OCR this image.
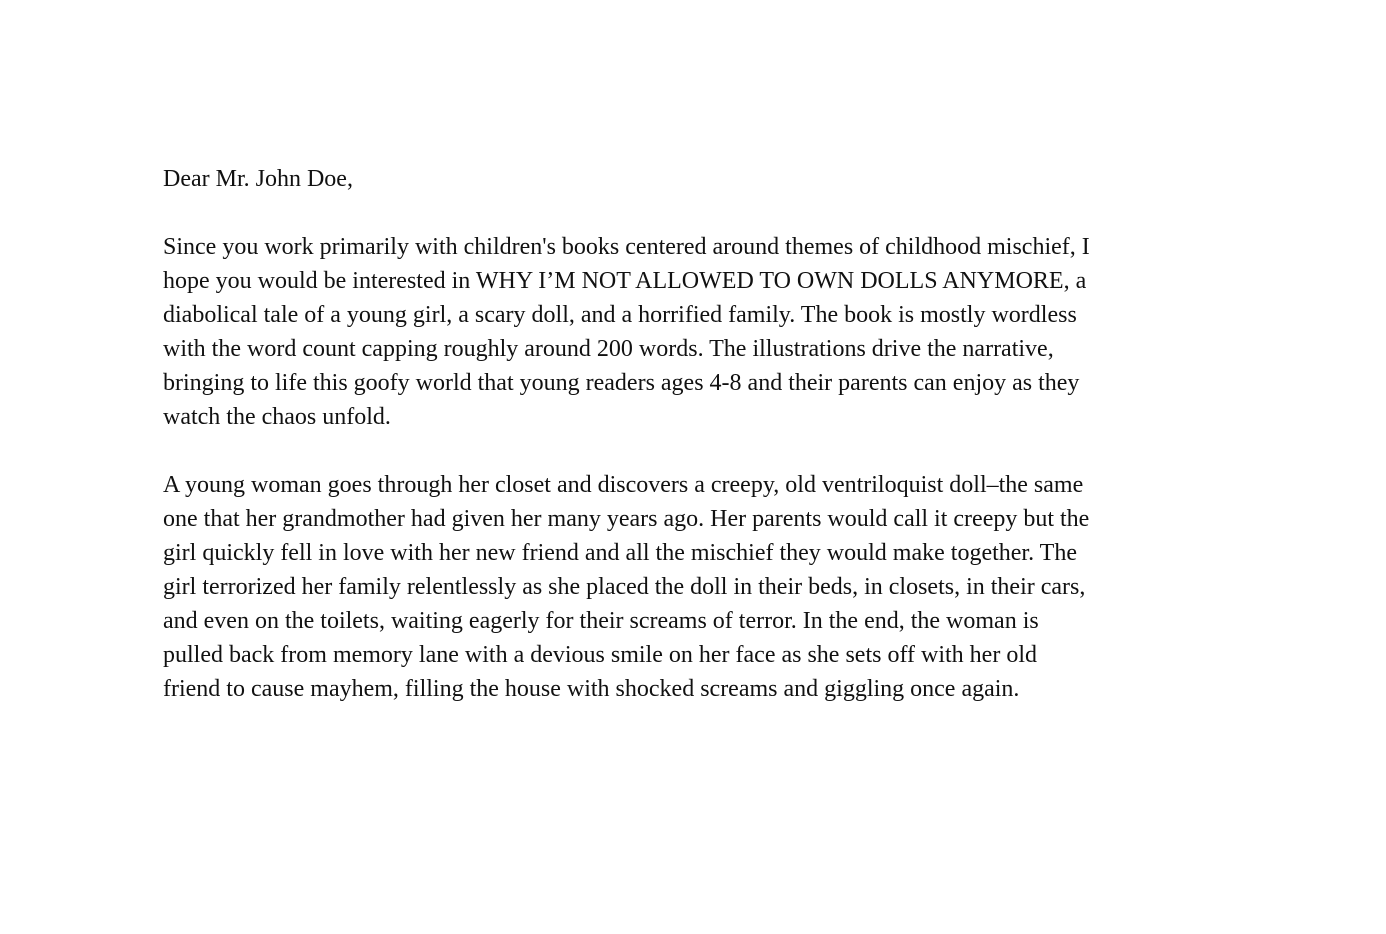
Dear Mr. John Doe,
Since you work primarily with children's books centered around themes of childhood mischief, I
hope you would be interested in WHY I’M NOT ALLOWED TO OWN DOLLS ANYMORE, a
diabolical tale of a young girl, a scary doll, and a horrified family. The book is mostly wordless
with the word count capping roughly around 200 words. The illustrations drive the narrative,
bringing to life this goofy world that young readers ages 4-8 and their parents can enjoy as they
watch the chaos unfold.
A young woman goes through her closet and discovers a creepy, old ventriloquist doll–the same
one that her grandmother had given her many years ago. Her parents would call it creepy but the
girl quickly fell in love with her new friend and all the mischief they would make together. The
girl terrorized her family relentlessly as she placed the doll in their beds, in closets, in their cars,
and even on the toilets, waiting eagerly for their screams of terror. In the end, the woman is
pulled back from memory lane with a devious smile on her face as she sets off with her old
friend to cause mayhem, filling the house with shocked screams and giggling once again.
